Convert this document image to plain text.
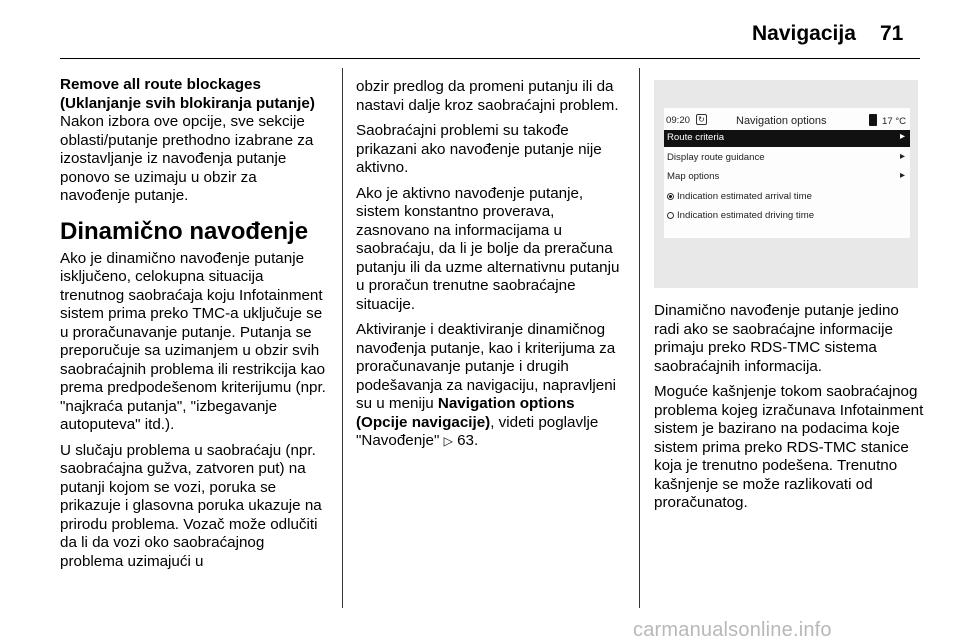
Navigacija 71
Remove all route blockages
(Uklanjanje svih blokiranja putanje)

Nakon izbora ove opcije, sve sekcije oblasti/putanje prethodno izabrane za izostavljanje iz navođenja putanje ponovo se uzimaju u obzir za navođenje putanje.

Dinamično navođenje

Ako je dinamično navođenje putanje isključeno, celokupna situacija trenutnog saobraćaja koju Infotainment sistem prima preko TMC-a uključuje se u proračunavanje putanje. Putanja se preporučuje sa uzimanjem u obzir svih saobraćajnih problema ili restrikcija kao prema predpodešenom kriterijumu (npr. "najkraća putanja", "izbegavanje autoputeva" itd.).

U slučaju problema u saobraćaju (npr. saobraćajna gužva, zatvoren put) na putanji kojom se vozi, poruka se prikazuje i glasovna poruka ukazuje na prirodu problema. Vozač može odlučiti da li da vozi oko saobraćajnog problema uzimajući u

obzir predlog da promeni putanju ili da nastavi dalje kroz saobraćajni problem.

Saobraćajni problemi su takođe prikazani ako navođenje putanje nije aktivno.

Ako je aktivno navođenje putanje, sistem konstantno proverava, zasnovano na informacijama u saobraćaju, da li je bolje da preračuna putanju ili da uzme alternativnu putanju u proračun trenutne saobraćajne situacije.

Aktiviranje i deaktiviranje dinamičnog navođenja putanje, kao i kriterijuma za proračunavanje putanje i drugih podešavanja za navigaciju, napravljeni su u meniju Navigation options (Opcije navigacije), videti poglavlje "Navođenje" ▷ 63.

09:20 ↻	Navigation options	17 °C
Route criteria	▸
Display route guidance	▸
Map options	▸
Indication estimated arrival time
Indication estimated driving time

Dinamično navođenje putanje jedino radi ako se saobraćajne informacije primaju preko RDS-TMC sistema saobraćajnih informacija.

Moguće kašnjenje tokom saobraćajnog problema kojeg izračunava Infotainment sistem je bazirano na podacima koje sistem prima preko RDS-TMC stanice koja je trenutno podešena. Trenutno kašnjenje se može razlikovati od proračunatog.

carmanualsonline.info
